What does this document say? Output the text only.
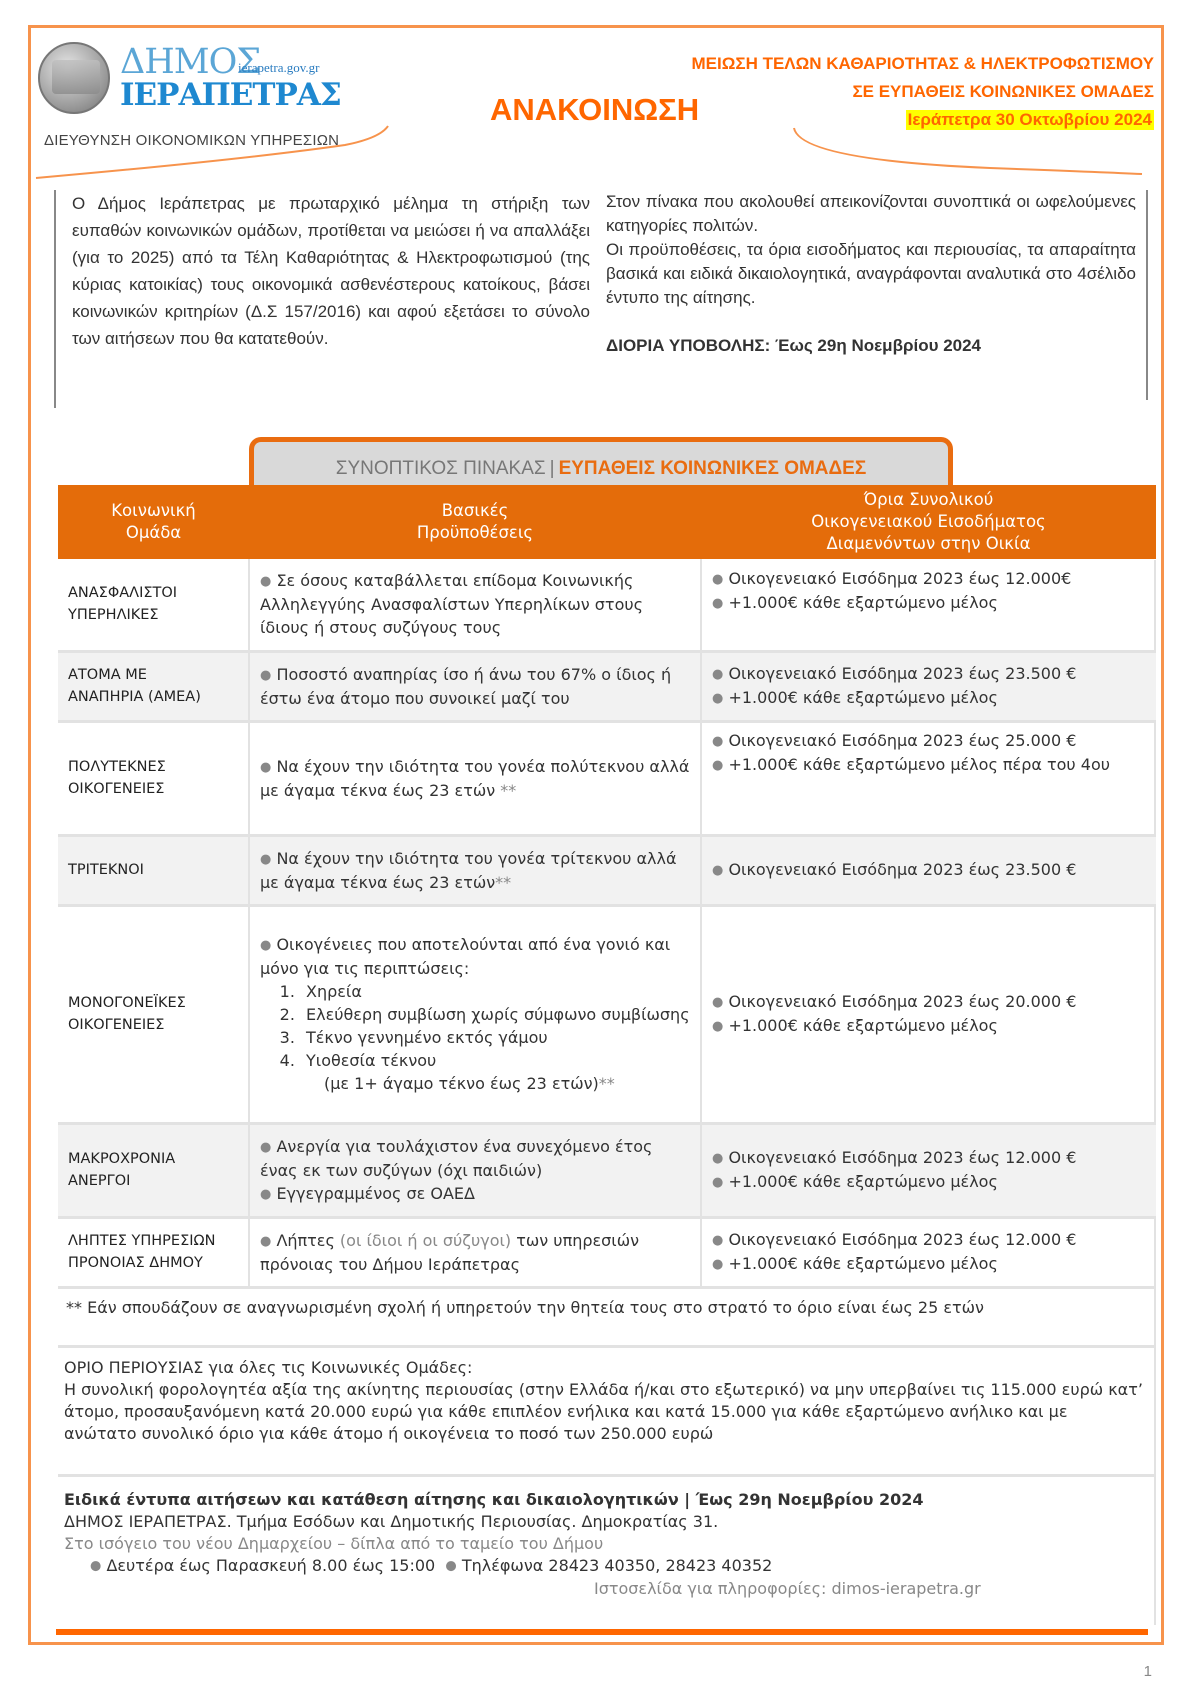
ΔΗΜΟΣ
ierapetra.gov.gr
ΙΕΡΑΠΕΤΡΑΣ
ΔΙΕΥΘΥΝΣΗ ΟΙΚΟΝΟΜΙΚΩΝ ΥΠΗΡΕΣΙΩΝ
ΑΝΑΚΟΙΝΩΣΗ
ΜΕΙΩΣΗ ΤΕΛΩΝ ΚΑΘΑΡΙΟΤΗΤΑΣ & ΗΛΕΚΤΡΟΦΩΤΙΣΜΟΥ
ΣΕ ΕΥΠΑΘΕΙΣ ΚΟΙΝΩΝΙΚΕΣ ΟΜΑΔΕΣ
Ιεράπετρα 30 Οκτωβρίου 2024
Ο Δήμος Ιεράπετρας με πρωταρχικό μέλημα τη στήριξη των ευπαθών κοινωνικών ομάδων, προτίθεται να μειώσει ή να απαλλάξει (για το 2025) από τα Τέλη Καθαριότητας & Ηλεκτροφωτισμού (της κύριας κατοικίας) τους οικονομικά ασθενέστερους κατοίκους, βάσει κοινωνικών κριτηρίων (Δ.Σ 157/2016) και αφού εξετάσει το σύνολο των αιτήσεων που θα κατατεθούν.
Στον πίνακα που ακολουθεί απεικονίζονται συνοπτικά οι ωφελούμενες κατηγορίες πολιτών.
Οι προϋποθέσεις, τα όρια εισοδήματος και περιουσίας, τα απαραίτητα βασικά και ειδικά δικαιολογητικά, αναγράφονται αναλυτικά στο 4σέλιδο έντυπο της αίτησης.
ΔΙΟΡΙΑ ΥΠΟΒΟΛΗΣ: Έως 29η Νοεμβρίου 2024
ΣΥΝΟΠΤΙΚΟΣ ΠΙΝΑΚΑΣ | ΕΥΠΑΘΕΙΣ ΚΟΙΝΩΝΙΚΕΣ ΟΜΑΔΕΣ
Κοινωνική
Ομάδα	Βασικές
Προϋποθέσεις	Όρια Συνολικού
Οικογενειακού Εισοδήματος
Διαμενόντων στην Οικία
ΑΝΑΣΦΑΛΙΣΤΟΙ
ΥΠΕΡΗΛΙΚΕΣ	● Σε όσους καταβάλλεται επίδομα Κοινωνικής Αλληλεγγύης Ανασφαλίστων Υπερηλίκων στους ίδιους ή στους συζύγους τους	● Οικογενειακό Εισόδημα 2023 έως 12.000€
● +1.000€ κάθε εξαρτώμενο μέλος
ΑΤΟΜΑ ΜΕ
ΑΝΑΠΗΡΙΑ (ΑΜΕΑ)	● Ποσοστό αναπηρίας ίσο ή άνω του 67% ο ίδιος ή έστω ένα άτομο που συνοικεί μαζί του	● Οικογενειακό Εισόδημα 2023 έως 23.500 €
● +1.000€ κάθε εξαρτώμενο μέλος
ΠΟΛΥΤΕΚΝΕΣ
ΟΙΚΟΓΕΝΕΙΕΣ	● Να έχουν την ιδιότητα του γονέα πολύτεκνου αλλά με άγαμα τέκνα έως 23 ετών **	● Οικογενειακό Εισόδημα 2023 έως 25.000 €
● +1.000€ κάθε εξαρτώμενο μέλος πέρα του 4ου
ΤΡΙΤΕΚΝΟΙ	● Να έχουν την ιδιότητα του γονέα τρίτεκνου αλλά με άγαμα τέκνα έως 23 ετών**	● Οικογενειακό Εισόδημα 2023 έως 23.500 €
ΜΟΝΟΓΟΝΕΪΚΕΣ
ΟΙΚΟΓΕΝΕΙΕΣ	● Οικογένειες που αποτελούνται από ένα γονιό και μόνο για τις περιπτώσεις:
1. Χηρεία
2. Ελεύθερη συμβίωση χωρίς σύμφωνο συμβίωσης
3. Τέκνο γεννημένο εκτός γάμου
4. Υιοθεσία τέκνου
(με 1+ άγαμο τέκνο έως 23 ετών)**
	● Οικογενειακό Εισόδημα 2023 έως 20.000 €
● +1.000€ κάθε εξαρτώμενο μέλος
ΜΑΚΡΟΧΡΟΝΙΑ
ΑΝΕΡΓΟΙ	● Ανεργία για τουλάχιστον ένα συνεχόμενο έτος ένας εκ των συζύγων (όχι παιδιών)
● Εγγεγραμμένος σε ΟΑΕΔ	● Οικογενειακό Εισόδημα 2023 έως 12.000 €
● +1.000€ κάθε εξαρτώμενο μέλος
ΛΗΠΤΕΣ ΥΠΗΡΕΣΙΩΝ
ΠΡΟΝΟΙΑΣ ΔΗΜΟΥ	● Λήπτες (οι ίδιοι ή οι σύζυγοι) των υπηρεσιών πρόνοιας του Δήμου Ιεράπετρας	● Οικογενειακό Εισόδημα 2023 έως 12.000 €
● +1.000€ κάθε εξαρτώμενο μέλος
** Εάν σπουδάζουν σε αναγνωρισμένη σχολή ή υπηρετούν την θητεία τους στο στρατό το όριο είναι έως 25 ετών
ΟΡΙΟ ΠΕΡΙΟΥΣΙΑΣ για όλες τις Κοινωνικές Ομάδες:
Η συνολική φορολογητέα αξία της ακίνητης περιουσίας (στην Ελλάδα ή/και στο εξωτερικό) να μην υπερβαίνει τις 115.000 ευρώ κατ’ άτομο, προσαυξανόμενη κατά 20.000 ευρώ για κάθε επιπλέον ενήλικα και κατά 15.000 για κάθε εξαρτώμενο ανήλικο και με ανώτατο συνολικό όριο για κάθε άτομο ή οικογένεια το ποσό των 250.000 ευρώ
Ειδικά έντυπα αιτήσεων και κατάθεση αίτησης και δικαιολογητικών | Έως 29η Νοεμβρίου 2024
ΔΗΜΟΣ ΙΕΡΑΠΕΤΡΑΣ. Τμήμα Εσόδων και Δημοτικής Περιουσίας. Δημοκρατίας 31.
Στο ισόγειο του νέου Δημαρχείου – δίπλα από το ταμείο του Δήμου
● Δευτέρα έως Παρασκευή 8.00 έως 15:00 ● Τηλέφωνα 28423 40350, 28423 40352
Ιστοσελίδα για πληροφορίες: dimos-ierapetra.gr
1
